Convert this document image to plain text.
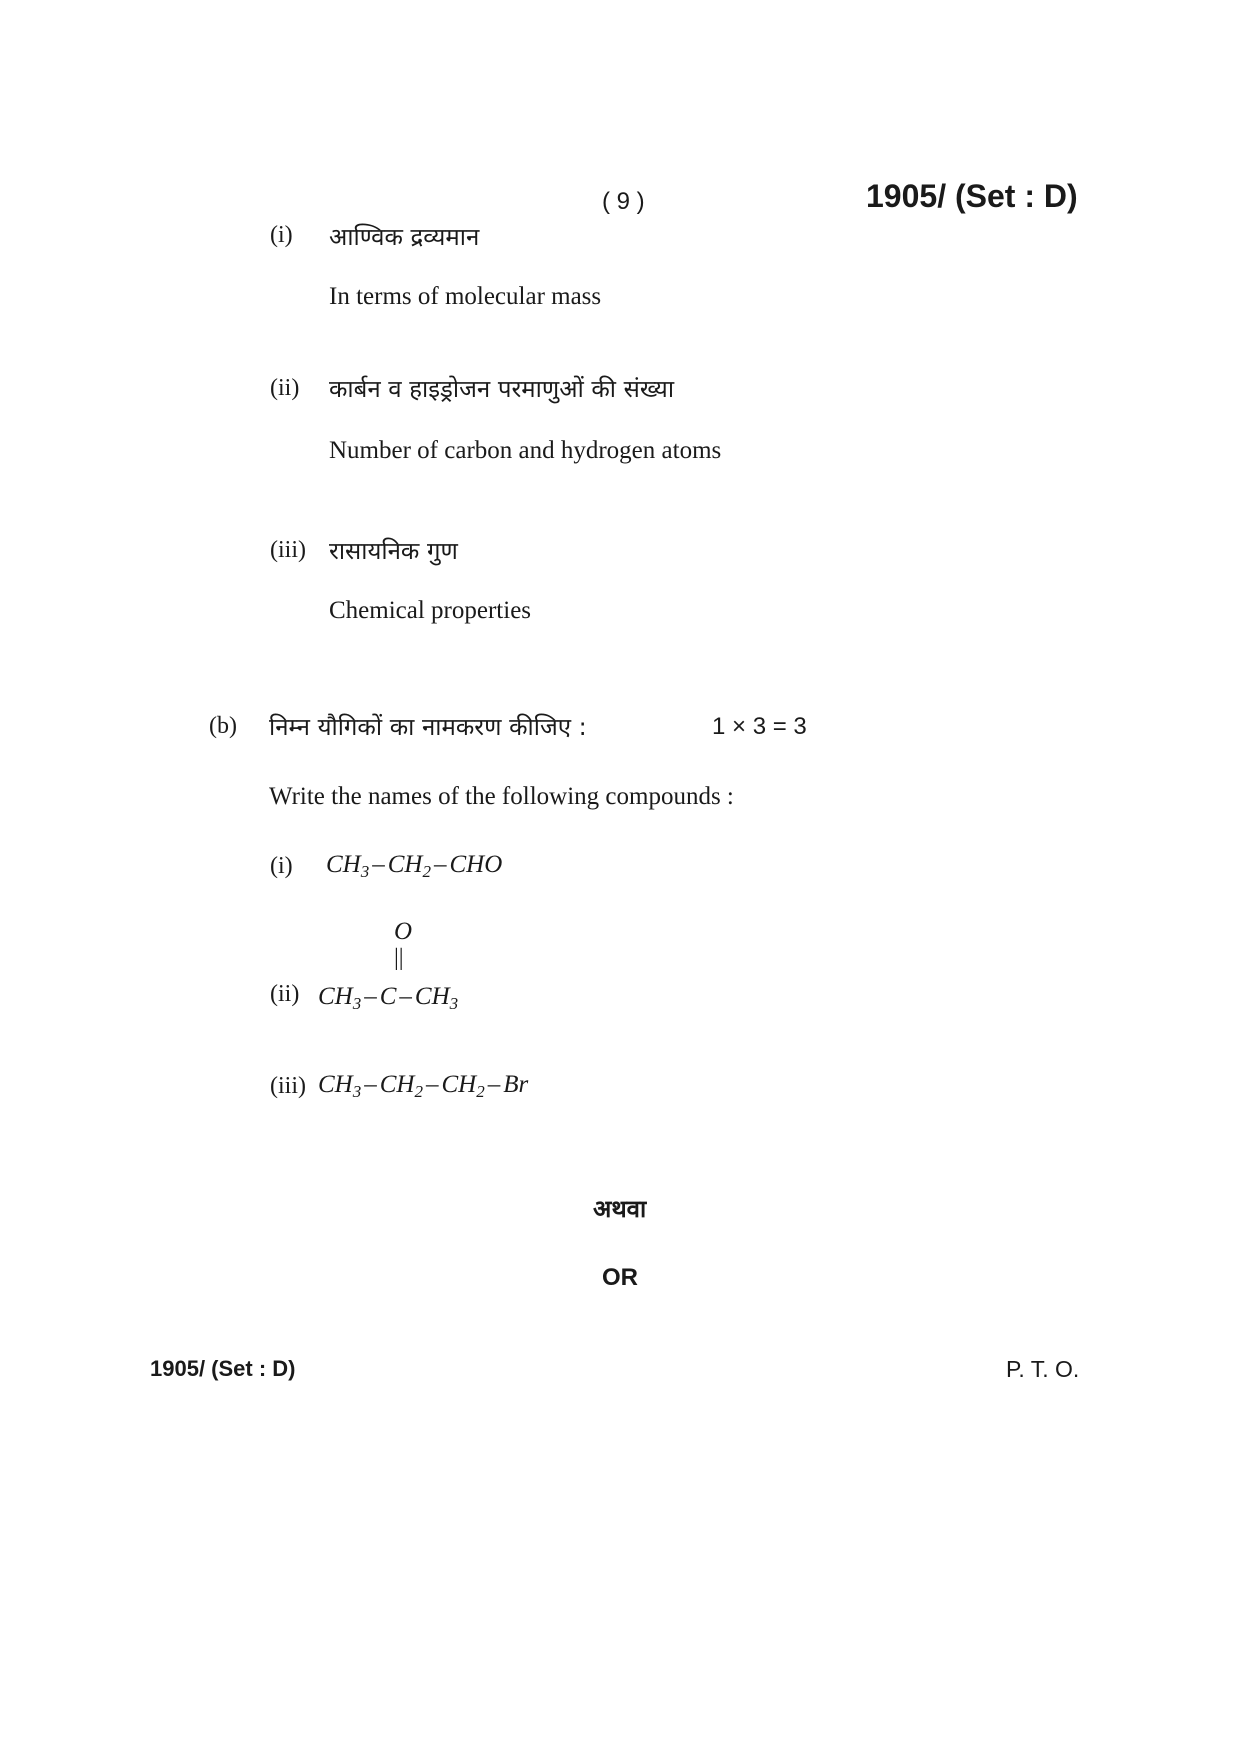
( 9 )	1905/ (Set : D)
(i) आण्विक द्रव्यमान
In terms of molecular mass
(ii) कार्बन व हाइड्रोजन परमाणुओं की संख्या
Number of carbon and hydrogen atoms
(iii) रासायनिक गुण
Chemical properties
(b) निम्न यौगिकों का नामकरण कीजिए :	1 × 3 = 3
Write the names of the following compounds :
(i) $CH_3 - CH_2$ – CHO
O
||
(ii) $CH_3$ – C – $CH_3$
(iii) $CH_3 - CH_2 - CH_2$ – Br
अथवा
OR
1905/ (Set : D)	P. T. O.
